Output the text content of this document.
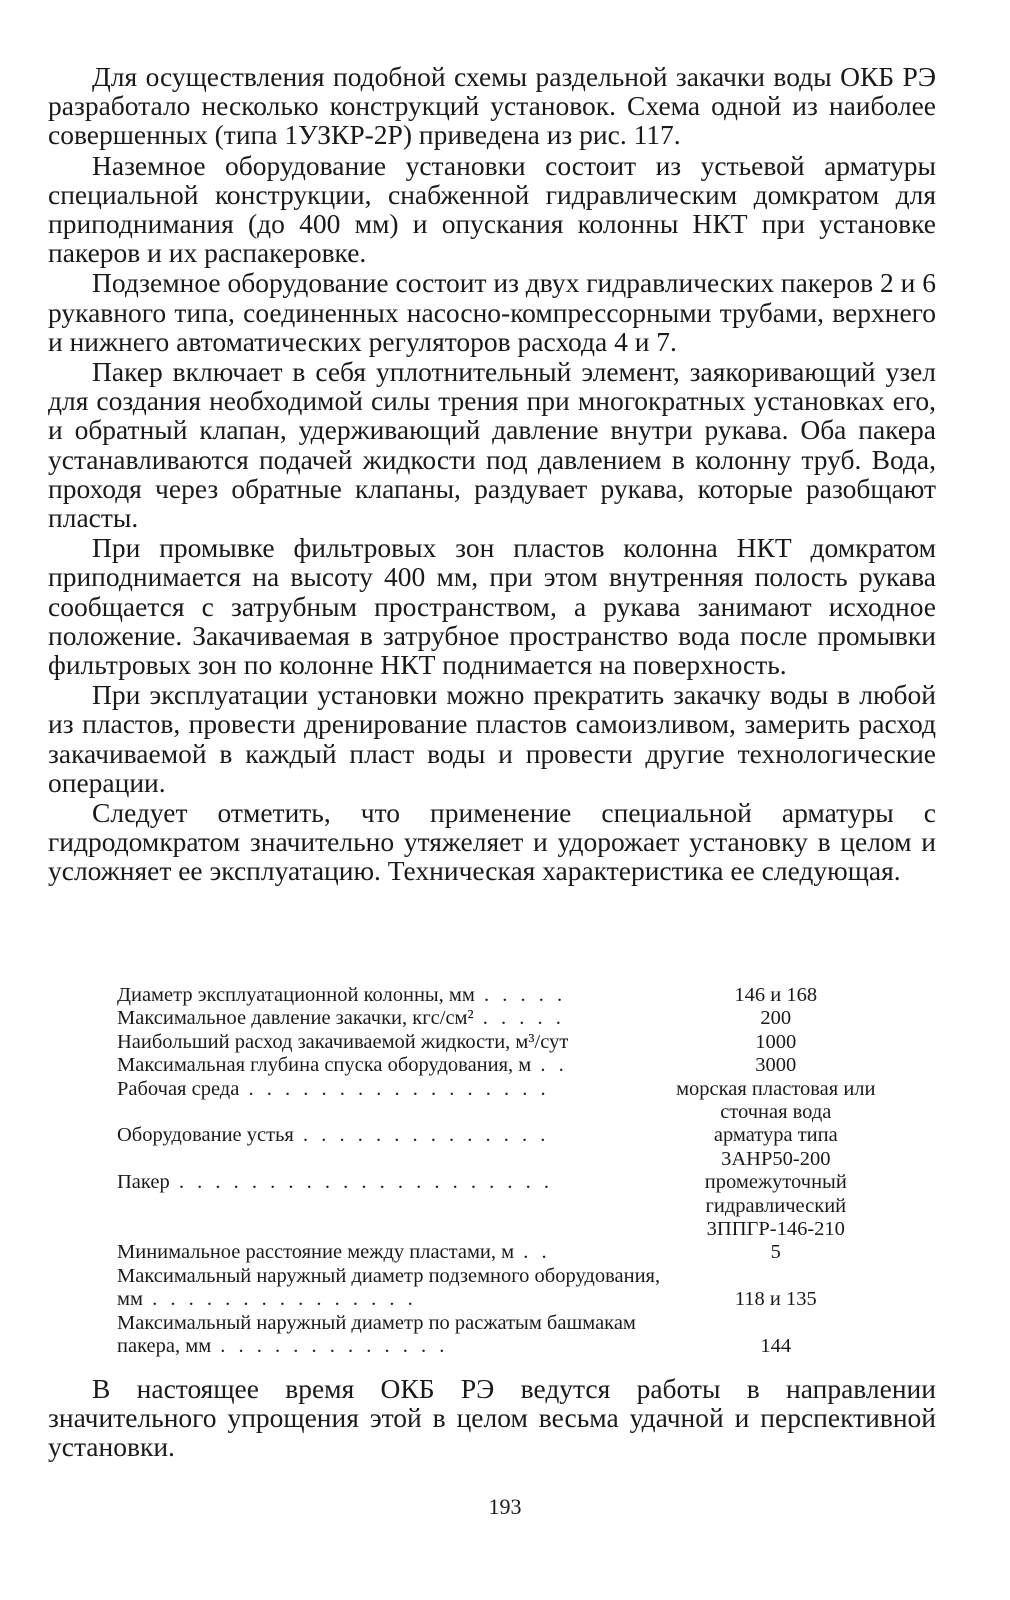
Для осуществления подобной схемы раздельной закачки воды ОКБ РЭ разработало несколько конструкций установок. Схема одной из наиболее совершенных (типа 1УЗКР-2Р) приведена из рис. 117.

Наземное оборудование установки состоит из устьевой арматуры специальной конструкции, снабженной гидравлическим домкратом для приподнимания (до 400 мм) и опускания колонны НКТ при установке пакеров и их распакеровке.

Подземное оборудование состоит из двух гидравлических пакеров 2 и 6 рукавного типа, соединенных насосно-компрессорными трубами, верхнего и нижнего автоматических регуляторов расхода 4 и 7.

Пакер включает в себя уплотнительный элемент, заякоривающий узел для создания необходимой силы трения при многократных установках его, и обратный клапан, удерживающий давление внутри рукава. Оба пакера устанавливаются подачей жидкости под давлением в колонну труб. Вода, проходя через обратные клапаны, раздувает рукава, которые разобщают пласты.

При промывке фильтровых зон пластов колонна НКТ домкратом приподнимается на высоту 400 мм, при этом внутренняя полость рукава сообщается с затрубным пространством, а рукава занимают исходное положение. Закачиваемая в затрубное пространство вода после промывки фильтровых зон по колонне НКТ поднимается на поверхность.

При эксплуатации установки можно прекратить закачку воды в любой из пластов, провести дренирование пластов самоизливом, замерить расход закачиваемой в каждый пласт воды и провести другие технологические операции.

Следует отметить, что применение специальной арматуры с гидродомкратом значительно утяжеляет и удорожает установку в целом и усложняет ее эксплуатацию. Техническая характеристика ее следующая.

Диаметр эксплуатационной колонны, мм . . . . .	146 и 168
Максимальное давление закачки, кгс/см² . . . . .	200
Наибольший расход закачиваемой жидкости, м³/сут	1000
Максимальная глубина спуска оборудования, м . .	3000
Рабочая среда . . . . . . . . . . . . . . . . .	морская пластовая или сточная вода
Оборудование устья . . . . . . . . . . . . . .	арматура типа 3АНР50-200
Пакер . . . . . . . . . . . . . . . . . . . . .	промежуточный гидравлический 3ППГР-146-210
Минимальное расстояние между пластами, м . .	5
Максимальный наружный диаметр подземного оборудования, мм . . . . . . . . . . . . . . .	118 и 135
Максимальный наружный диаметр по расжатым башмакам пакера, мм . . . . . . . . . . . . .	144

В настоящее время ОКБ РЭ ведутся работы в направлении значительного упрощения этой в целом весьма удачной и перспективной установки.

193
